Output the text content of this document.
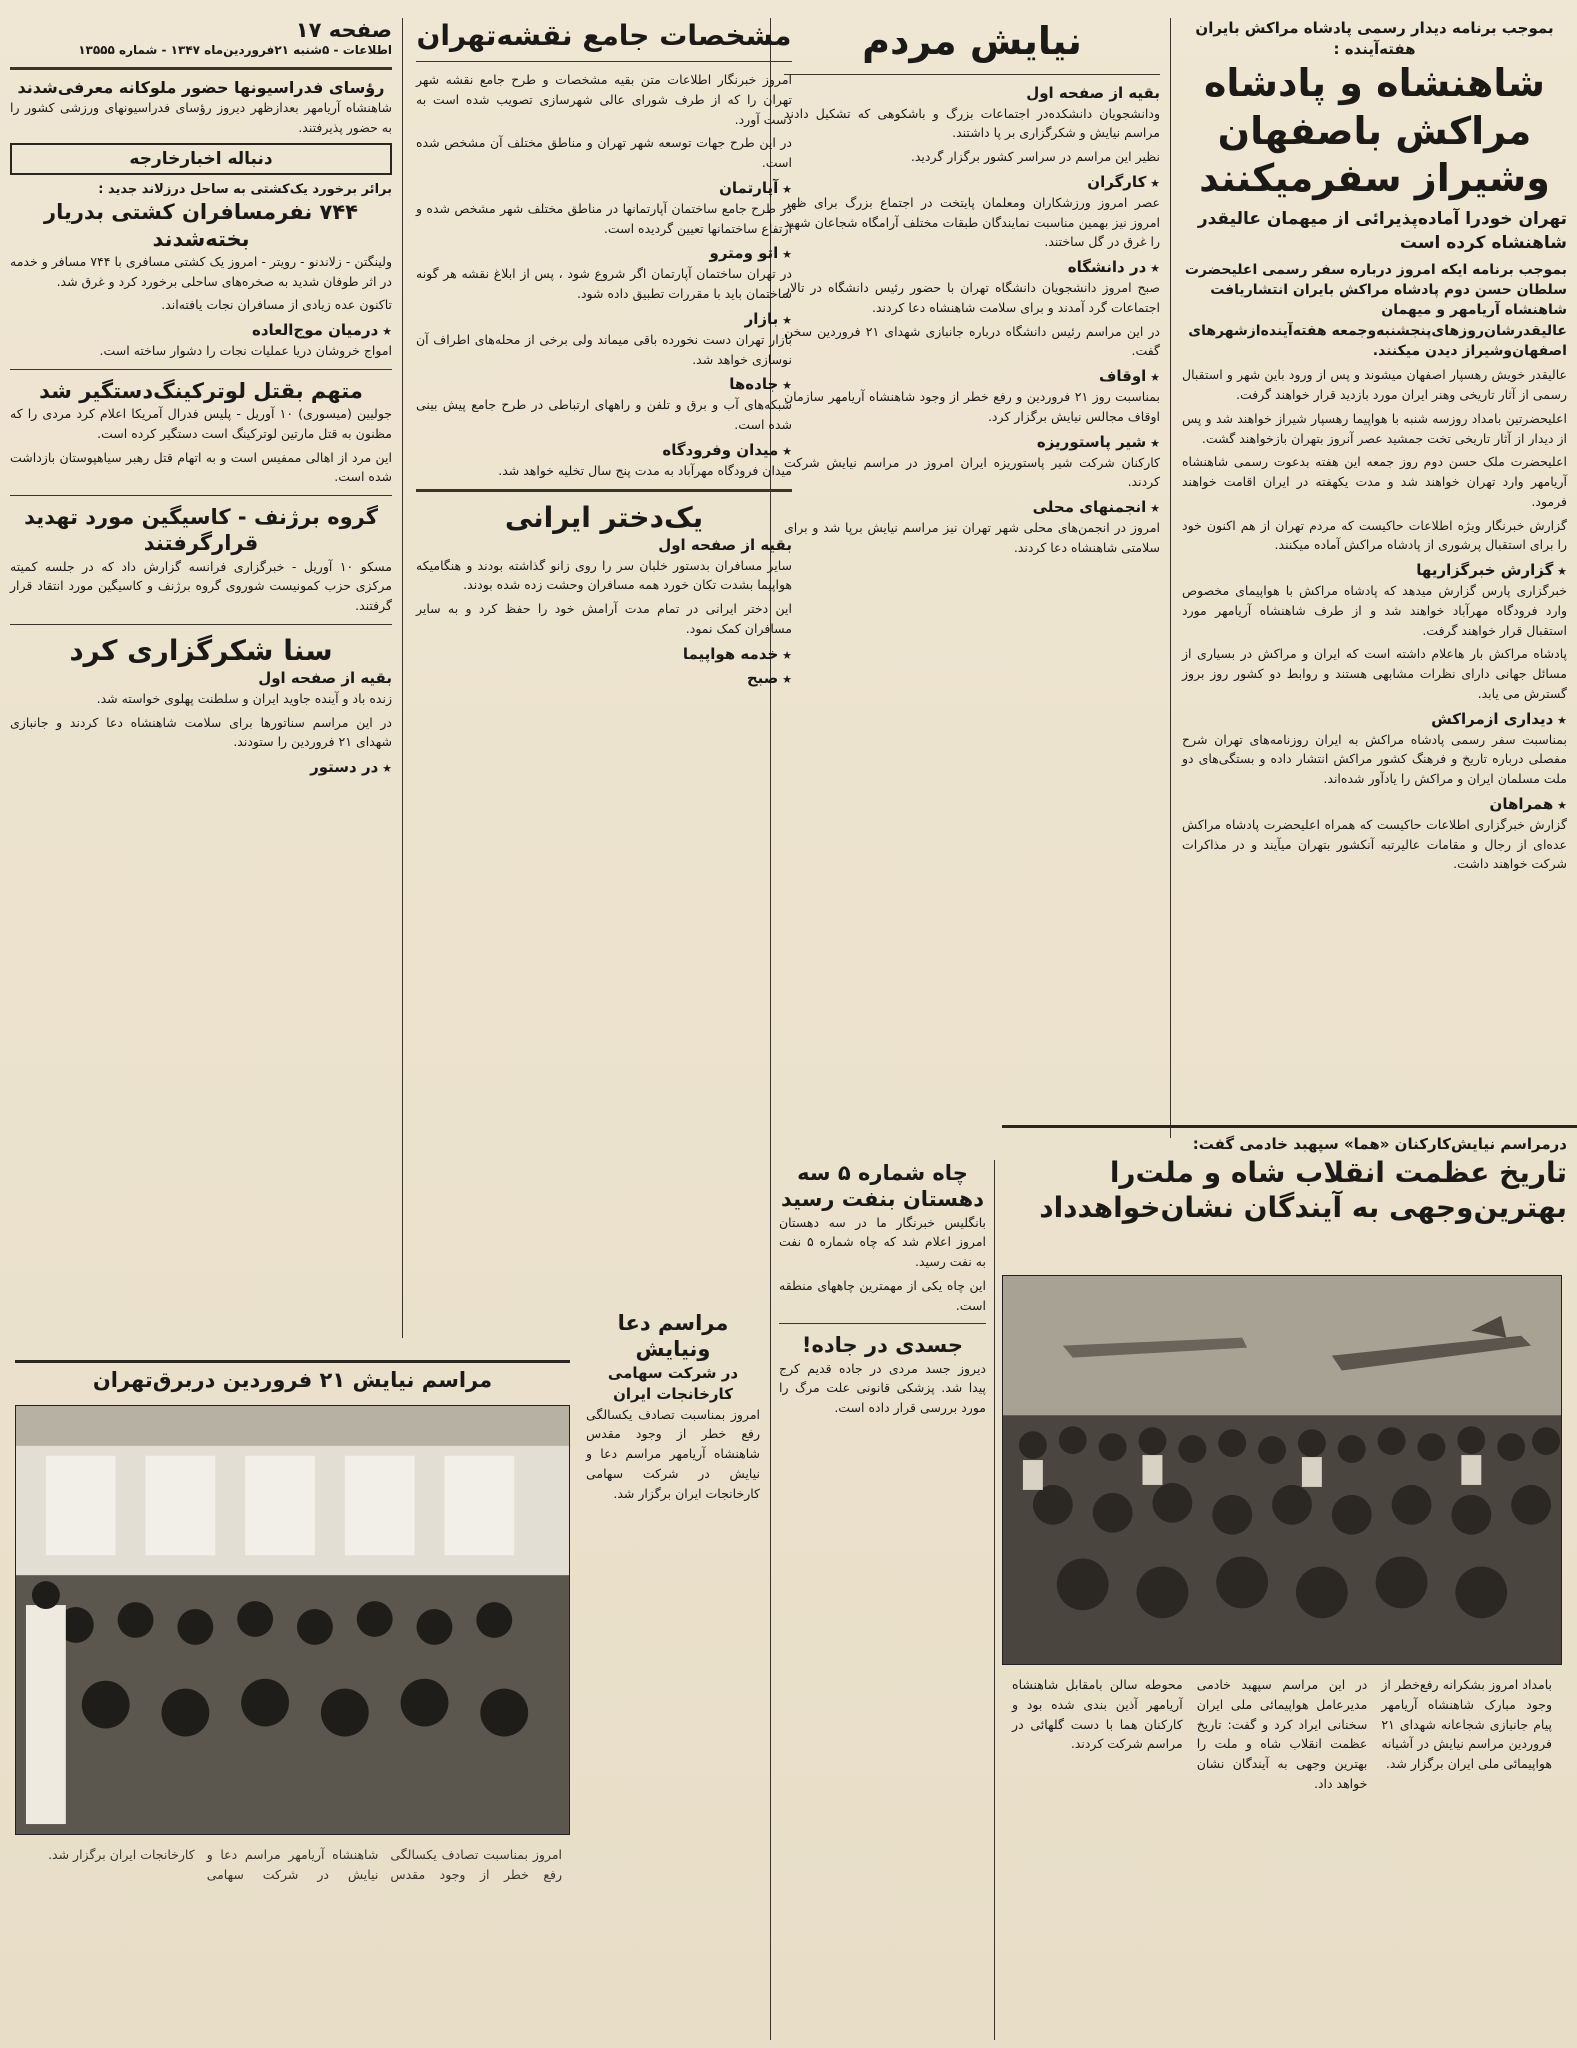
بموجب برنامه دیدار رسمی پادشاه مراکش بایران هفته‌آینده :
شاهنشاه و پادشاه مراکش باصفهان وشیراز سفرمیکنند
تهران خودرا آماده‌پذیرائی از میهمان عالیقدر شاهنشاه کرده است
بموجب برنامه ایکه امروز درباره سفر رسمی اعلیحضرت سلطان حسن دوم پادشاه مراکش بایران انتشاریافت شاهنشاه آریامهر و میهمان عالیقدرشان‌روزهای‌پنجشنبه‌وجمعه هفته‌آینده‌ازشهرهای اصفهان‌وشیراز دیدن میکنند.

عالیقدر خویش رهسپار اصفهان میشوند و پس از ورود باین شهر و استقبال رسمی از آثار تاریخی وهنر ایران مورد بازدید قرار خواهند گرفت.

اعلیحضرتین بامداد روزسه شنبه با هواپیما رهسپار شیراز خواهند شد و پس از دیدار از آثار تاریخی تخت جمشید عصر آنروز بتهران بازخواهند گشت.

اعلیحضرت ملک حسن دوم روز جمعه این هفته بدعوت رسمی شاهنشاه آریامهر وارد تهران خواهند شد و مدت یکهفته در ایران اقامت خواهند فرمود.

گزارش خبرنگار ویژه اطلاعات حاکیست که مردم تهران از هم اکنون خود را برای استقبال پرشوری از پادشاه مراکش آماده میکنند.

★ گزارش خبرگزاریها

خبرگزاری پارس گزارش میدهد که پادشاه مراکش با هواپیمای مخصوص وارد فرودگاه مهرآباد خواهند شد و از طرف شاهنشاه آریامهر مورد استقبال قرار خواهند گرفت.

پادشاه مراکش بار هاعلام داشته است که ایران و مراکش در بسیاری از مسائل جهانی دارای نظرات مشابهی هستند و روابط دو کشور روز بروز گسترش می یابد.

★ دیداری ازمراکش

بمناسبت سفر رسمی پادشاه مراکش به ایران روزنامه‌های تهران شرح مفصلی درباره تاریخ و فرهنگ کشور مراکش انتشار داده و بستگی‌های دو ملت مسلمان ایران و مراکش را یادآور شده‌اند.

★ همراهان

گزارش خبرگزاری اطلاعات حاکیست که همراه اعلیحضرت پادشاه مراکش عده‌ای از رجال و مقامات عالیرتبه آنکشور بتهران میآیند و در مذاکرات شرکت خواهند داشت.

نیایش مردم
بقیه از صفحه اول

ودانشجویان دانشکده‌در اجتماعات بزرگ و باشکوهی که تشکیل دادند مراسم نیایش و شکرگزاری بر پا داشتند.

نظیر این مراسم در سراسر کشور برگزار گردید.

★ کارگران

عصر امروز ورزشکاران ومعلمان پایتخت در اجتماع بزرگ برای ظهر امروز نیز بهمین مناسبت نمایندگان طبقات مختلف آرامگاه شجاعان شهید را غرق در گل ساختند.

★ در دانشگاه

صبح امروز دانشجویان دانشگاه تهران با حضور رئیس دانشگاه در تالار اجتماعات گرد آمدند و برای سلامت شاهنشاه دعا کردند.

در این مراسم رئیس دانشگاه درباره جانبازی شهدای ۲۱ فروردین سخن گفت.

★ اوقاف

بمناسبت روز ۲۱ فروردین و رفع خطر از وجود شاهنشاه آریامهر سازمان اوقاف مجالس نیایش برگزار کرد.

★ شیر پاستوریزه

کارکنان شرکت شیر پاستوریزه ایران امروز در مراسم نیایش شرکت کردند.

★ انجمنهای محلی

امروز در انجمن‌های محلی شهر تهران نیز مراسم نیایش برپا شد و برای سلامتی شاهنشاه دعا کردند.

مشخصات جامع نقشه‌تهران

امروز خبرنگار اطلاعات متن بقیه مشخصات و طرح جامع نقشه شهر تهران را که از طرف شورای عالی شهرسازی تصویب شده است به دست آورد.

در این طرح جهات توسعه شهر تهران و مناطق مختلف آن مشخص شده است.

★ آپارتمان

در طرح جامع ساختمان آپارتمانها در مناطق مختلف شهر مشخص شده و ارتفاع ساختمانها تعیین گردیده است.

★ اتو ومترو

در تهران ساختمان آپارتمان اگر شروع شود ، پس از ابلاغ نقشه هر گونه ساختمان باید با مقررات تطبیق داده شود.

★ بازار

بازار تهران دست نخورده باقی میماند ولی برخی از محله‌های اطراف آن نوسازی خواهد شد.

★ جاده‌ها

شبکه‌های آب و برق و تلفن و راههای ارتباطی در طرح جامع پیش بینی شده است.

★ میدان وفرودگاه

میدان فرودگاه مهرآباد به مدت پنج سال تخلیه خواهد شد.

یک‌دختر ایرانی
بقیه از صفحه اول

سایر مسافران بدستور خلبان سر را روی زانو گذاشته بودند و هنگامیکه هواپیما بشدت تکان خورد همه مسافران وحشت زده شده بودند.

این دختر ایرانی در تمام مدت آرامش خود را حفظ کرد و به سایر مسافران کمک نمود.

★ خدمه‌ هواپیما
★ صبح
صفحه ۱۷
اطلاعات - ۵شنبه ۲۱فروردین‌ماه ۱۳۴۷ - شماره ۱۳۵۵۵
رؤسای فدراسیونها حضور ملوکانه معرفی‌شدند

شاهنشاه آریامهر بعدازظهر دیروز رؤسای فدراسیونهای ورزشی کشور را به حضور پذیرفتند.

دنباله اخبارخارجه
برائر برخورد یک‌کشتی به ساحل درزلاند جدید :
۷۴۴ نفرمسافران کشتی بدریار بخته‌شدند

ولینگتن - زلاندنو - رویتر - امروز یک کشتی مسافری با ۷۴۴ مسافر و خدمه در اثر طوفان شدید به صخره‌های ساحلی برخورد کرد و غرق شد.

تاکنون عده زیادی از مسافران نجات یافته‌اند.

★ درمیان موج‌العاده

امواج خروشان دریا عملیات نجات را دشوار ساخته است.

متهم بقتل لوترکینگ‌دستگیر شد

جولیین (میسوری) ۱۰ آوریل - پلیس فدرال آمریکا اعلام کرد مردی را که مظنون به قتل مارتین لوترکینگ است دستگیر کرده است.

این مرد از اهالی ممفیس است و به اتهام قتل رهبر سیاهپوستان بازداشت شده است.

گروه برژنف - کاسیگین مورد تهدید قرارگرفتند

مسکو ۱۰ آوریل - خبرگزاری فرانسه گزارش داد که در جلسه کمیته مرکزی حزب کمونیست شوروی گروه برژنف و کاسیگین مورد انتقاد قرار گرفتند.

سنا شکرگزاری کرد
بقیه از صفحه اول

زنده باد و آینده جاوید ایران و سلطنت پهلوی خواسته شد.

در این مراسم سناتورها برای سلامت شاهنشاه دعا کردند و جانبازی شهدای ۲۱ فروردین را ستودند.

★ در دستور
درمراسم نیایش‌کارکنان «هما» سپهبد خادمی گفت:
تاریخ عظمت انقلاب شاه و ملت‌را
بهترین‌وجهی به آیندگان نشان‌خواهدداد

بامداد امروز بشکرانه رفع‌خطر از وجود مبارک شاهنشاه آریامهر پیام جانبازی شجاعانه شهدای ۲۱ فروردین مراسم نیایش در آشیانه هواپیمائی ملی ایران برگزار شد.

در این مراسم سپهبد خادمی مدیرعامل هواپیمائی ملی ایران سخنانی ایراد کرد و گفت: تاریخ عظمت انقلاب شاه و ملت را بهترین وجهی به آیندگان نشان خواهد داد.

محوطه سالن بامقابل شاهنشاه آریامهر آذین بندی شده بود و کارکنان هما با دست گلهائی در مراسم شرکت کردند.

چاه شماره ۵ سه
دهستان بنفت رسید

بانگلیس خبرنگار ما در سه دهستان امروز اعلام شد که چاه شماره ۵ نفت به نفت رسید.

این چاه یکی از مهمترین چاههای منطقه است.

جسدی در جاده!

دیروز جسد مردی در جاده قدیم کرج پیدا شد. پزشکی قانونی علت مرگ را مورد بررسی قرار داده است.

مراسم دعا ونیایش
در شرکت سهامی کارخانجات ایران

امروز بمناسبت تصادف یکسالگی رفع خطر از وجود مقدس شاهنشاه آریامهر مراسم دعا و نیایش در شرکت سهامی کارخانجات ایران برگزار شد.

مراسم نیایش ۲۱ فروردین دربرق‌تهران

امروز بمناسبت تصادف یکسالگی رفع خطر از وجود مقدس شاهنشاه آریامهر مراسم دعا و نیایش در شرکت سهامی کارخانجات ایران برگزار شد.
